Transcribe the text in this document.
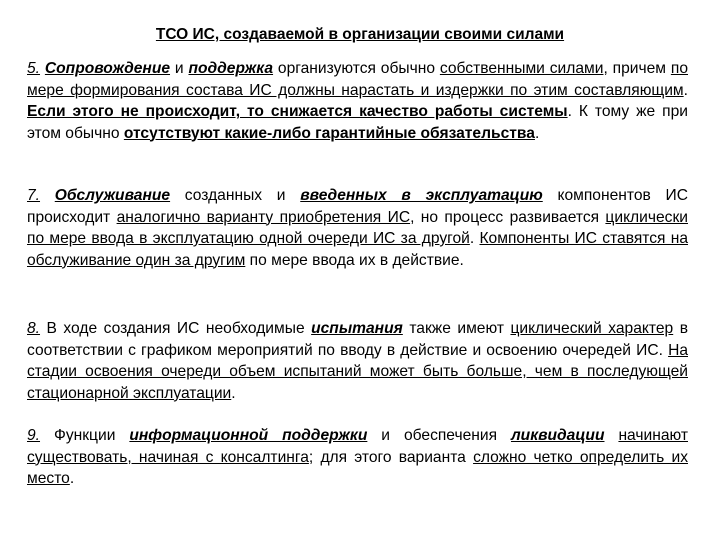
ТСО ИС, создаваемой в организации своими силами
5. Сопровождение и поддержка организуются обычно собственными силами, причем по мере формирования состава ИС должны нарастать и издержки по этим составляющим. Если этого не происходит, то снижается качество работы системы. К тому же при этом обычно отсутствуют какие-либо гарантийные обязательства.
7. Обслуживание созданных и введенных в эксплуатацию компонентов ИС происходит аналогично варианту приобретения ИС, но процесс развивается циклически по мере ввода в эксплуатацию одной очереди ИС за другой. Компоненты ИС ставятся на обслуживание один за другим по мере ввода их в действие.
8. В ходе создания ИС необходимые испытания также имеют циклический характер в соответствии с графиком мероприятий по вводу в действие и освоению очередей ИС. На стадии освоения очереди объем испытаний может быть больше, чем в последующей стационарной эксплуатации.
9. Функции информационной поддержки и обеспечения ликвидации начинают существовать, начиная с консалтинга; для этого варианта сложно четко определить их место.
